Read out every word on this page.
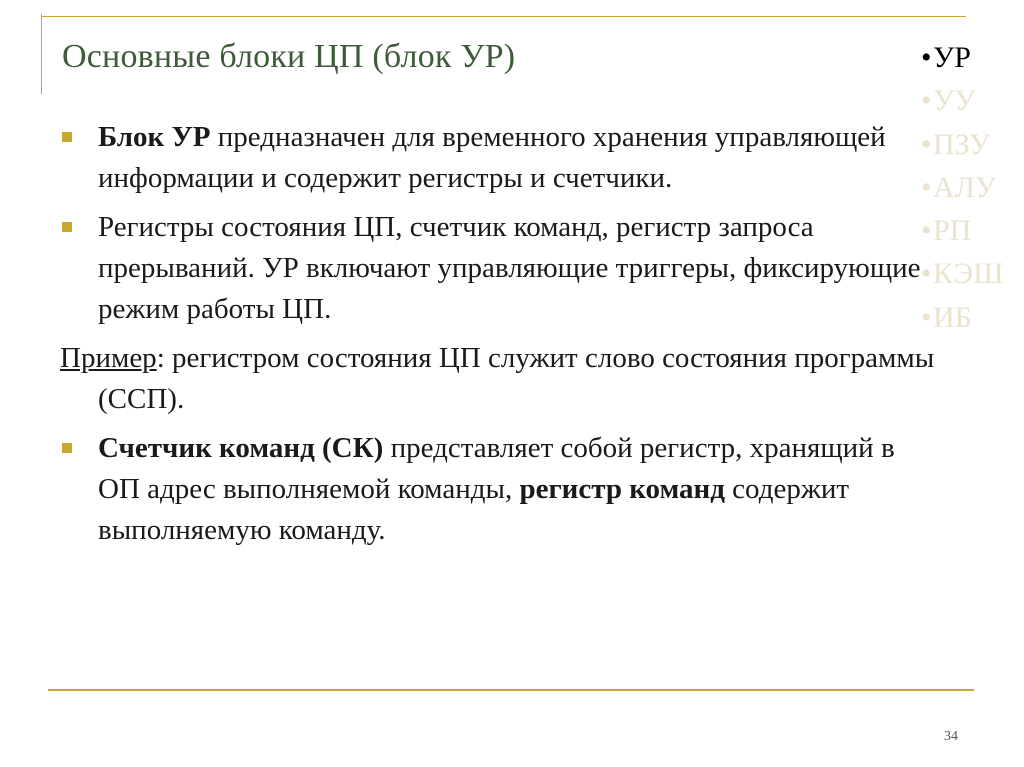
Основные блоки ЦП (блок УР)	•УР
•УУ
•ПЗУ
•АЛУ
•РП
•КЭШ
•ИБ
Блок УР предназначен для временного хранения управляющей информации и содержит регистры и счетчики.
Регистры состояния ЦП, счетчик команд, регистр запроса прерываний. УР включают управляющие триггеры, фиксирующие режим работы ЦП.
Пример: регистром состояния ЦП служит слово состояния программы (ССП).
Счетчик команд (СК) представляет собой регистр, хранящий в ОП адрес выполняемой команды, регистр команд содержит выполняемую команду.
34
